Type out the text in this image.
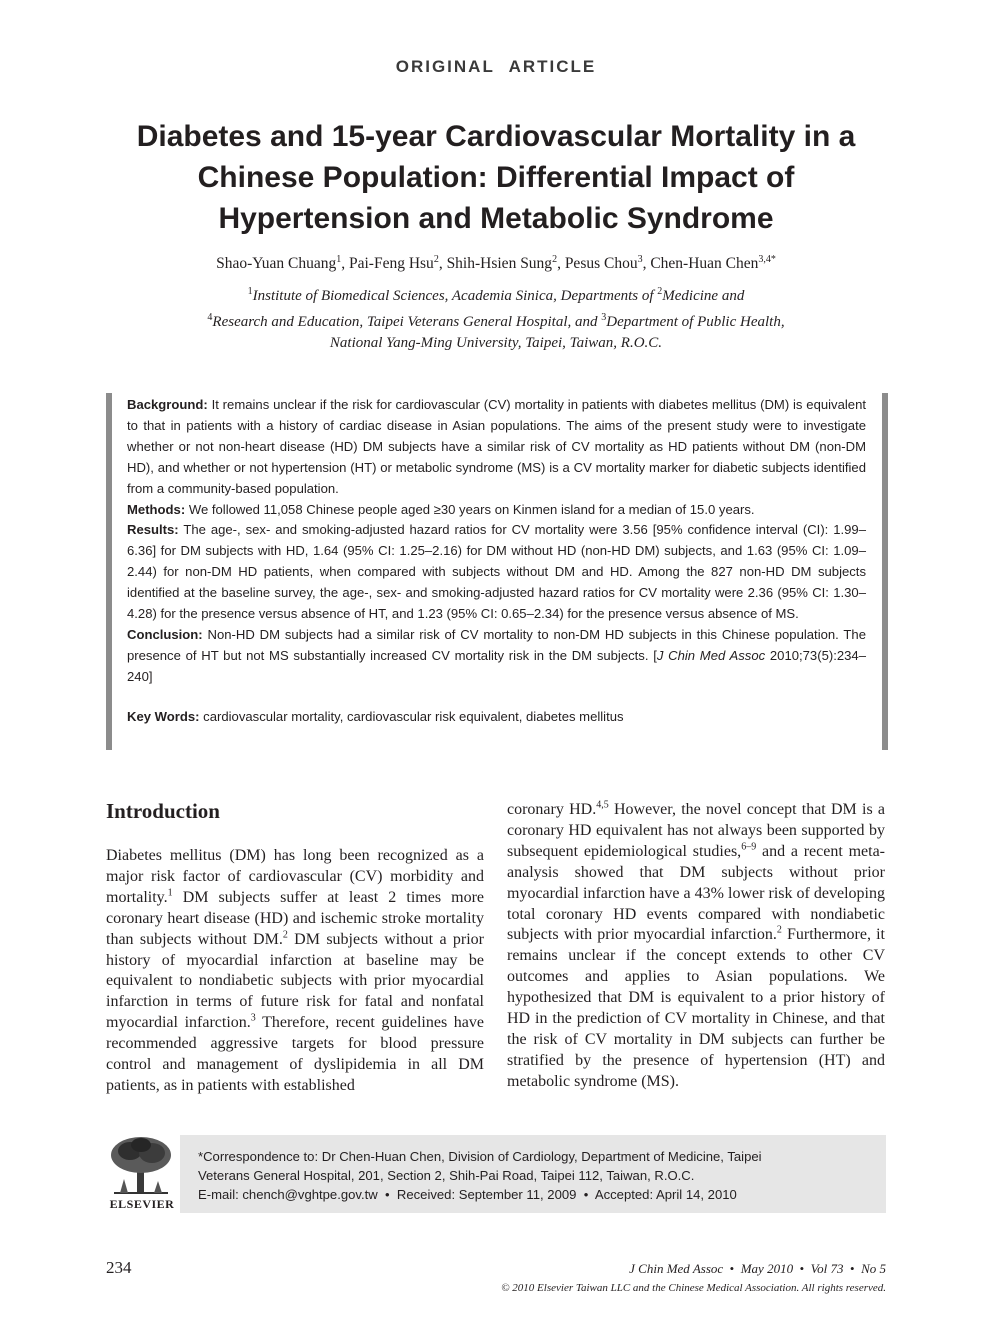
ORIGINAL ARTICLE
Diabetes and 15-year Cardiovascular Mortality in a Chinese Population: Differential Impact of Hypertension and Metabolic Syndrome
Shao-Yuan Chuang$^1$, Pai-Feng Hsu$^2$, Shih-Hsien Sung$^2$, Pesus Chou$^3$, Chen-Huan Chen$^{3,4*}$
$^1$Institute of Biomedical Sciences, Academia Sinica, Departments of $^2$Medicine and
$^4$Research and Education, Taipei Veterans General Hospital, and $^3$Department of Public Health,
National Yang-Ming University, Taipei, Taiwan, R.O.C.

Background: It remains unclear if the risk for cardiovascular (CV) mortality in patients with diabetes mellitus (DM) is equivalent to that in patients with a history of cardiac disease in Asian populations. The aims of the present study were to investigate whether or not non-heart disease (HD) DM subjects have a similar risk of CV mortality as HD patients without DM (non-DM HD), and whether or not hypertension (HT) or metabolic syndrome (MS) is a CV mortality marker for diabetic subjects identified from a community-based population.

Methods: We followed 11,058 Chinese people aged ≥30 years on Kinmen island for a median of 15.0 years.

Results: The age-, sex- and smoking-adjusted hazard ratios for CV mortality were 3.56 [95% confidence interval (CI): 1.99–6.36] for DM subjects with HD, 1.64 (95% CI: 1.25–2.16) for DM without HD (non-HD DM) subjects, and 1.63 (95% CI: 1.09–2.44) for non-DM HD patients, when compared with subjects without DM and HD. Among the 827 non-HD DM subjects identified at the baseline survey, the age-, sex- and smoking-adjusted hazard ratios for CV mortality were 2.36 (95% CI: 1.30–4.28) for the presence versus absence of HT, and 1.23 (95% CI: 0.65–2.34) for the presence versus absence of MS.

Conclusion: Non-HD DM subjects had a similar risk of CV mortality to non-DM HD subjects in this Chinese population. The presence of HT but not MS substantially increased CV mortality risk in the DM subjects. [J Chin Med Assoc 2010;73(5):234–240]

Key Words: cardiovascular mortality, cardiovascular risk equivalent, diabetes mellitus

Introduction

Diabetes mellitus (DM) has long been recognized as a major risk factor of cardiovascular (CV) morbidity and mortality.$^1$ DM subjects suffer at least 2 times more coronary heart disease (HD) and ischemic stroke mortality than subjects without DM.$^2$ DM subjects without a prior history of myocardial infarction at baseline may be equivalent to nondiabetic subjects with prior myocardial infarction in terms of future risk for fatal and nonfatal myocardial infarction.$^3$ Therefore, recent guidelines have recommended aggressive targets for blood pressure control and management of dyslipidemia in all DM patients, as in patients with established

coronary HD.$^{4,5}$ However, the novel concept that DM is a coronary HD equivalent has not always been supported by subsequent epidemiological studies,$^{6-9}$ and a recent meta-analysis showed that DM subjects without prior myocardial infarction have a 43% lower risk of developing total coronary HD events compared with nondiabetic subjects with prior myocardial infarction.$^2$ Furthermore, it remains unclear if the concept extends to other CV outcomes and applies to Asian populations. We hypothesized that DM is equivalent to a prior history of HD in the prediction of CV mortality in Chinese, and that the risk of CV mortality in DM subjects can further be stratified by the presence of hypertension (HT) and metabolic syndrome (MS).

ELSEVIER

*Correspondence to: Dr Chen-Huan Chen, Division of Cardiology, Department of Medicine, Taipei

Veterans General Hospital, 201, Section 2, Shih-Pai Road, Taipei 112, Taiwan, R.O.C.

E-mail: chench@vghtpe.gov.tw • Received: September 11, 2009 • Accepted: April 14, 2010

234	J Chin Med Assoc • May 2010 • Vol 73 • No 5
© 2010 Elsevier Taiwan LLC and the Chinese Medical Association. All rights reserved.
